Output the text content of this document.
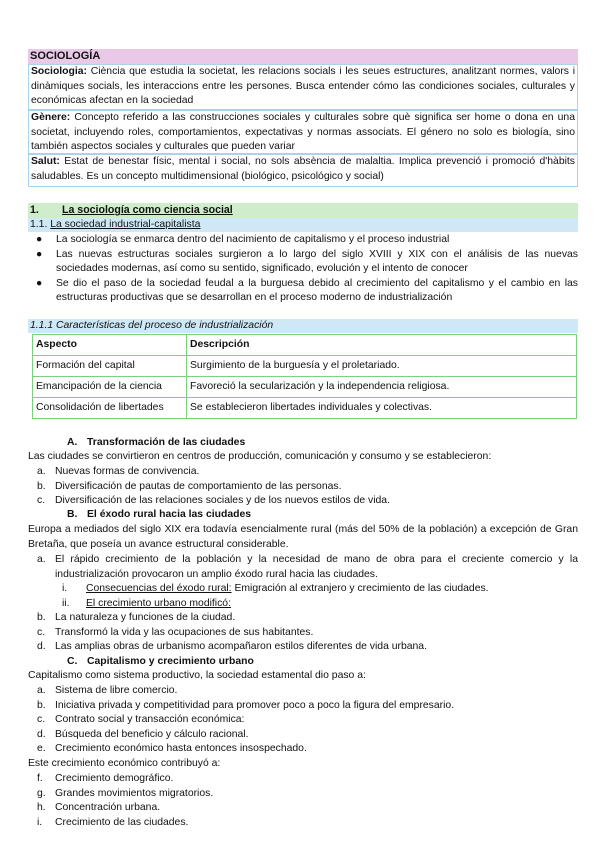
SOCIOLOGÍA
Sociologia: Ciència que estudia la societat, les relacions socials i les seues estructures, analitzant normes, valors i dinàmiques socials, les interaccions entre les persones. Busca entender cómo las condiciones sociales, culturales y económicas afectan en la sociedad
Gènere: Concepto referido a las construcciones sociales y culturales sobre què significa ser home o dona en una societat, incluyendo roles, comportamientos, expectativas y normas associats. El género no solo es biología, sino también aspectos sociales y culturales que pueden variar
Salut: Estat de benestar físic, mental i social, no sols absència de malaltia. Implica prevenció i promoció d'hàbits saludables. Es un concepto multidimensional (biológico, psicológico y social)
1. La sociología como ciencia social
1.1. La sociedad industrial-capitalista
● La sociología se enmarca dentro del nacimiento de capitalismo y el proceso industrial
● Las nuevas estructuras sociales surgieron a lo largo del siglo XVIII y XIX con el análisis de las nuevas sociedades modernas, así como su sentido, significado, evolución y el intento de conocer
● Se dio el paso de la sociedad feudal a la burguesa debido al crecimiento del capitalismo y el cambio en las estructuras productivas que se desarrollan en el proceso moderno de industrialización
1.1.1 Características del proceso de industrialización
Aspecto	Descripción
Formación del capital	Surgimiento de la burguesía y el proletariado.
Emancipación de la ciencia	Favoreció la secularización y la independencia religiosa.
Consolidación de libertades	Se establecieron libertades individuales y colectivas.
A. Transformación de las ciudades
Las ciudades se convirtieron en centros de producción, comunicación y consumo y se establecieron:
a. Nuevas formas de convivencia.
b. Diversificación de pautas de comportamiento de las personas.
c. Diversificación de las relaciones sociales y de los nuevos estilos de vida.
B. El éxodo rural hacia las ciudades
Europa a mediados del siglo XIX era todavía esencialmente rural (más del 50% de la población) a excepción de Gran Bretaña, que poseía un avance estructural considerable.
a. El rápido crecimiento de la población y la necesidad de mano de obra para el creciente comercio y la industrialización provocaron un amplio éxodo rural hacia las ciudades.
i. Consecuencias del éxodo rural: Emigración al extranjero y crecimiento de las ciudades.
ii. El crecimiento urbano modificó:
b. La naturaleza y funciones de la ciudad.
c. Transformó la vida y las ocupaciones de sus habitantes.
d. Las amplias obras de urbanismo acompañaron estilos diferentes de vida urbana.
C. Capitalismo y crecimiento urbano
Capitalismo como sistema productivo, la sociedad estamental dio paso a:
a. Sistema de libre comercio.
b. Iniciativa privada y competitividad para promover poco a poco la figura del empresario.
c. Contrato social y transacción económica:
d. Búsqueda del beneficio y cálculo racional.
e. Crecimiento económico hasta entonces insospechado.
Este crecimiento económico contribuyó a:
f. Crecimiento demográfico.
g. Grandes movimientos migratorios.
h. Concentración urbana.
i. Crecimiento de las ciudades.
